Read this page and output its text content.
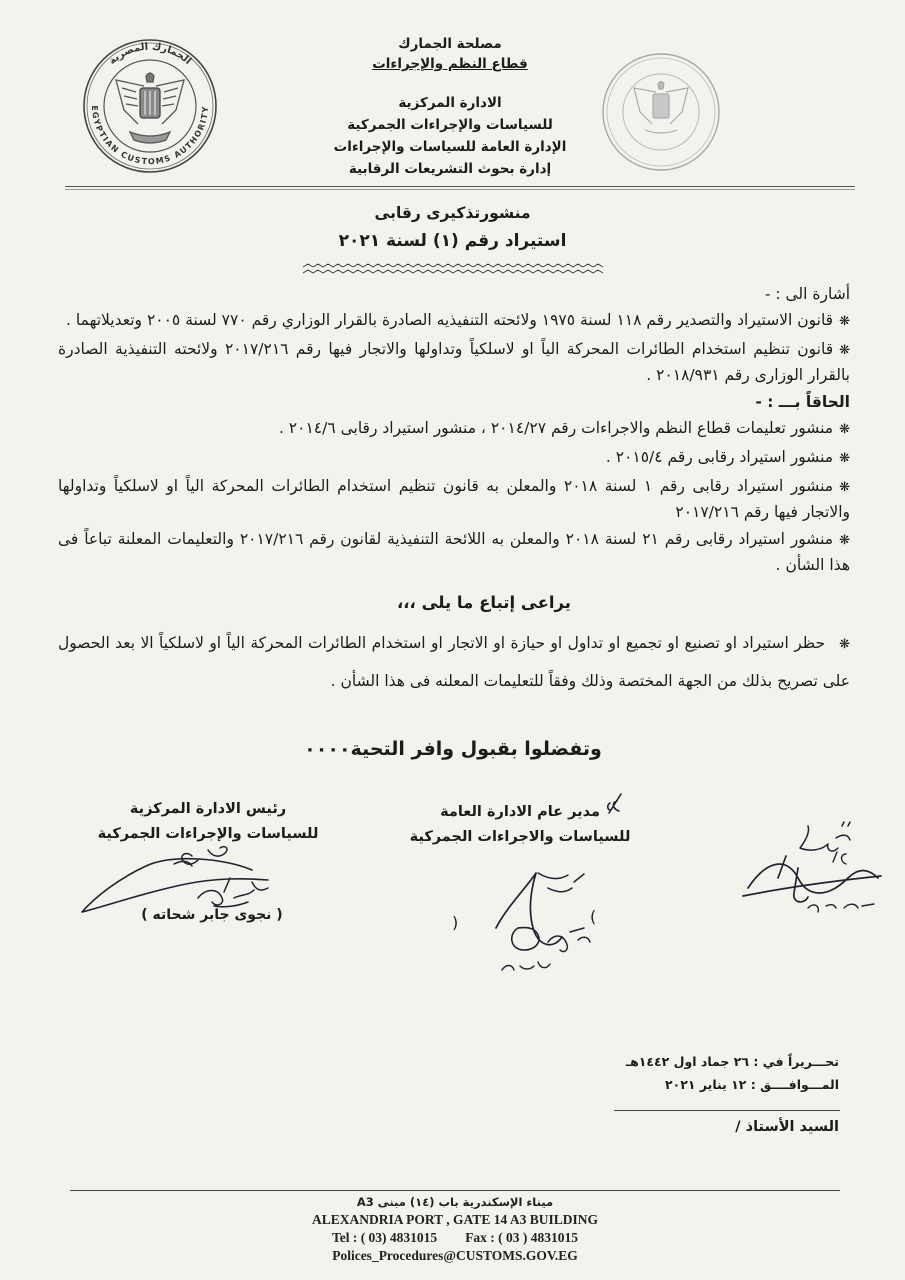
الجمارك المصرية
EGYPTIAN CUSTOMS AUTHORITY
مصلحة الجمارك
قطاع النظم والإجراءات
الادارة المركزية
للسياسات والإجراءات الجمركية
الإدارة العامة للسياسات والإجراءات
إدارة بحوث التشريعات الرقابية
منشورتذكيرى رقابى
استيراد رقم (١) لسنة ٢٠٢١
أشارة الى : -
❋ قانون الاستيراد والتصدير رقم ١١٨ لسنة ١٩٧٥ ولائحته التنفيذيه الصادرة بالقرار الوزاري رقم ٧٧٠ لسنة ٢٠٠٥ وتعديلاتهما .
❋ قانون تنظيم استخدام الطائرات المحركة الياً او لاسلكياً وتداولها والاتجار فيها رقم ٢٠١٧/٢١٦ ولائحته التنفيذية الصادرة بالقرار الوزارى رقم ٢٠١٨/٩٣١ .
الحاقاً بـــ : -
❋ منشور تعليمات قطاع النظم والاجراءات رقم ٢٠١٤/٢٧ ، منشور استيراد رقابى ٢٠١٤/٦ .
❋ منشور استيراد رقابى رقم ٢٠١٥/٤ .
❋ منشور استيراد رقابى رقم ١ لسنة ٢٠١٨ والمعلن به قانون تنظيم استخدام الطائرات المحركة الياً او لاسلكياً وتداولها والاتجار فيها رقم ٢٠١٧/٢١٦
❋ منشور استيراد رقابى رقم ٢١ لسنة ٢٠١٨ والمعلن به اللائحة التنفيذية لقانون رقم ٢٠١٧/٢١٦ والتعليمات المعلنة تباعاً فى هذا الشأن .
يراعى إتباع ما يلى ،،،
❋ حظر استيراد او تصنيع او تجميع او تداول او حيازة او الاتجار او استخدام الطائرات المحركة الياً او لاسلكياً الا بعد الحصول على تصريح بذلك من الجهة المختصة وذلك وفقاً للتعليمات المعلنه فى هذا الشأن .
وتفضلوا بقبول وافر التحية٠٠٠٠
رئيس الادارة المركزية
للسياسات والإجراءات الجمركية
( نجوى جابر شحاته )
مدير عام الادارة العامة
للسياسات والاجراءات الجمركية
(
)
تحـــريراً في : ٢٦ جماد اول ١٤٤٢هـ
المـــوافــــق : ١٢ يناير ٢٠٢١
السيد الأستاذ /
ميناء الإسكندرية باب (١٤) مبنى A3
ALEXANDRIA PORT , GATE 14 A3 BUILDING
Tel : ( 03) 4831015 Fax : ( 03 ) 4831015
Polices_Procedures@CUSTOMS.GOV.EG
